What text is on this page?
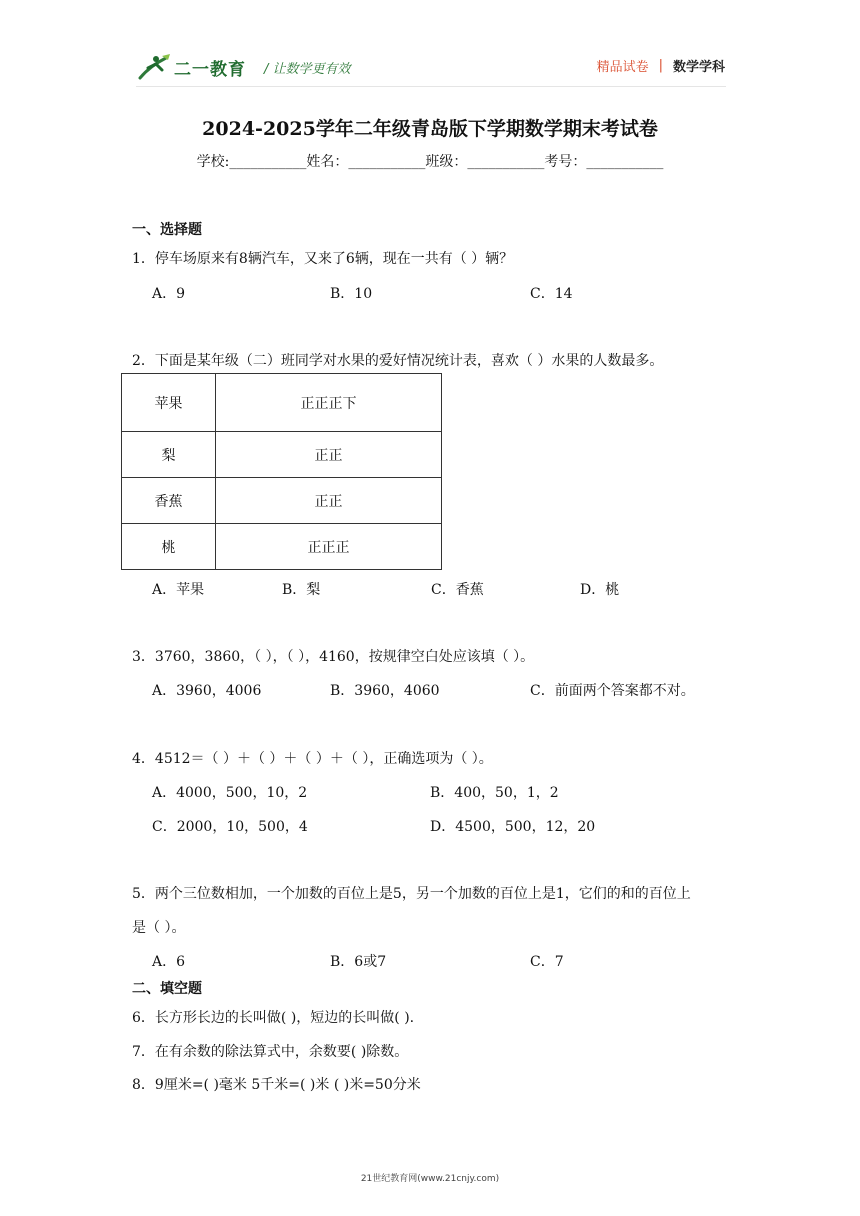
二一教育 / 让数学更有效	精品试卷 | 数学学科
2024-2025学年二年级青岛版下学期数学期末考试卷
学校:___________姓名：___________班级：___________考号：___________
一、选择题
1．停车场原来有8辆汽车，又来了6辆，现在一共有（ ）辆？
A．9	B．10	C．14
2．下面是某年级（二）班同学对水果的爱好情况统计表，喜欢（ ）水果的人数最多。
苹果	正正正下
梨	正正
香蕉	正正
桃	正正正
A．苹果	B．梨	C．香蕉	D．桃
3．3760，3860，（ ），（ ），4160，按规律空白处应该填（ ）。
A．3960，4006	B．3960，4060	C．前面两个答案都不对。
4．4512＝（ ）＋（ ）＋（ ）＋（ ），正确选项为（ ）。
A．4000，500，10，2	B．400，50，1，2
C．2000，10，500，4	D．4500，500，12，20
5．两个三位数相加，一个加数的百位上是5，另一个加数的百位上是1，它们的和的百位上
是（ ）。
A．6	B．6或7	C．7
二、填空题
6．长方形长边的长叫做( )，短边的长叫做( ).
7．在有余数的除法算式中，余数要( )除数。
8．9厘米=( )毫米 5千米=( )米 ( )米=50分米
21世纪教育网(www.21cnjy.com)
